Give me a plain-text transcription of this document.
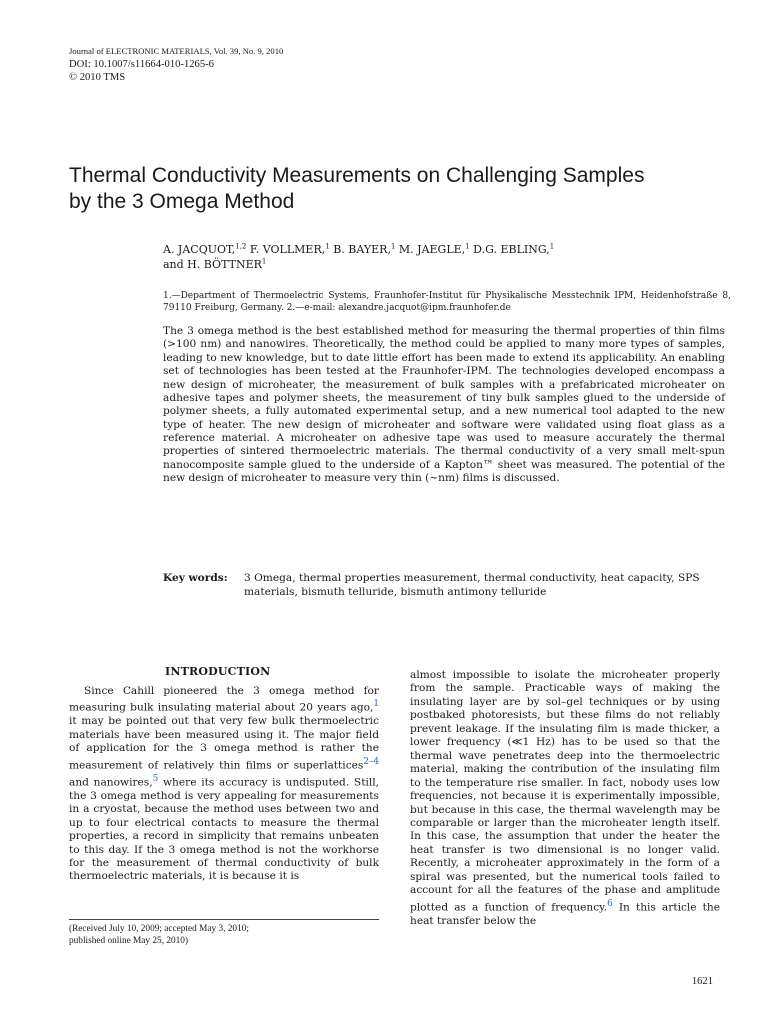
Journal of ELECTRONIC MATERIALS, Vol. 39, No. 9, 2010
DOI: 10.1007/s11664-010-1265-6
© 2010 TMS
Thermal Conductivity Measurements on Challenging Samples
by the 3 Omega Method
A. JACQUOT,$^{1,2}$ F. VOLLMER,$^1$ B. BAYER,$^1$ M. JAEGLE,$^1$ D.G. EBLING,$^1$
and H. BÖTTNER$^1$
1.—Department of Thermoelectric Systems, Fraunhofer-Institut für Physikalische Messtechnik IPM, Heidenhofstraße 8, 79110 Freiburg, Germany. 2.—e-mail: alexandre.jacquot@ipm.fraunhofer.de

The 3 omega method is the best established method for measuring the thermal properties of thin films (>100 nm) and nanowires. Theoretically, the method could be applied to many more types of samples, leading to new knowledge, but to date little effort has been made to extend its applicability. An enabling set of technologies has been tested at the Fraunhofer-IPM. The technologies developed encompass a new design of microheater, the measurement of bulk samples with a prefabricated microheater on adhesive tapes and polymer sheets, the measurement of tiny bulk samples glued to the underside of polymer sheets, a fully automated experimental setup, and a new numerical tool adapted to the new type of heater. The new design of microheater and software were validated using float glass as a reference material. A microheater on adhesive tape was used to measure accurately the thermal properties of sintered thermoelectric materials. The thermal conductivity of a very small melt-spun nanocomposite sample glued to the underside of a Kapton™ sheet was measured. The potential of the new design of microheater to measure very thin (~nm) films is discussed.

Key words: 3 Omega, thermal properties measurement, thermal conductivity, heat capacity, SPS materials, bismuth telluride, bismuth antimony telluride
INTRODUCTION

Since Cahill pioneered the 3 omega method for measuring bulk insulating material about 20 years ago,$^1$ it may be pointed out that very few bulk thermoelectric materials have been measured using it. The major field of application for the 3 omega method is rather the measurement of relatively thin films or superlattices$^{2-4}$ and nanowires,$^5$ where its accuracy is undisputed. Still, the 3 omega method is very appealing for measurements in a cryostat, because the method uses between two and up to four electrical contacts to measure the thermal properties, a record in simplicity that remains unbeaten to this day. If the 3 omega method is not the workhorse for the measurement of thermal conductivity of bulk thermoelectric materials, it is because it is

almost impossible to isolate the microheater properly from the sample. Practicable ways of making the insulating layer are by sol–gel techniques or by using postbaked photoresists, but these films do not reliably prevent leakage. If the insulating film is made thicker, a lower frequency (≪1 Hz) has to be used so that the thermal wave penetrates deep into the thermoelectric material, making the contribution of the insulating film to the temperature rise smaller. In fact, nobody uses low frequencies, not because it is experimentally impossible, but because in this case, the thermal wavelength may be comparable or larger than the microheater length itself. In this case, the assumption that under the heater the heat transfer is two dimensional is no longer valid. Recently, a microheater approximately in the form of a spiral was presented, but the numerical tools failed to account for all the features of the phase and amplitude plotted as a function of frequency.$^6$ In this article the heat transfer below the

(Received July 10, 2009; accepted May 3, 2010;
published online May 25, 2010)
1621
